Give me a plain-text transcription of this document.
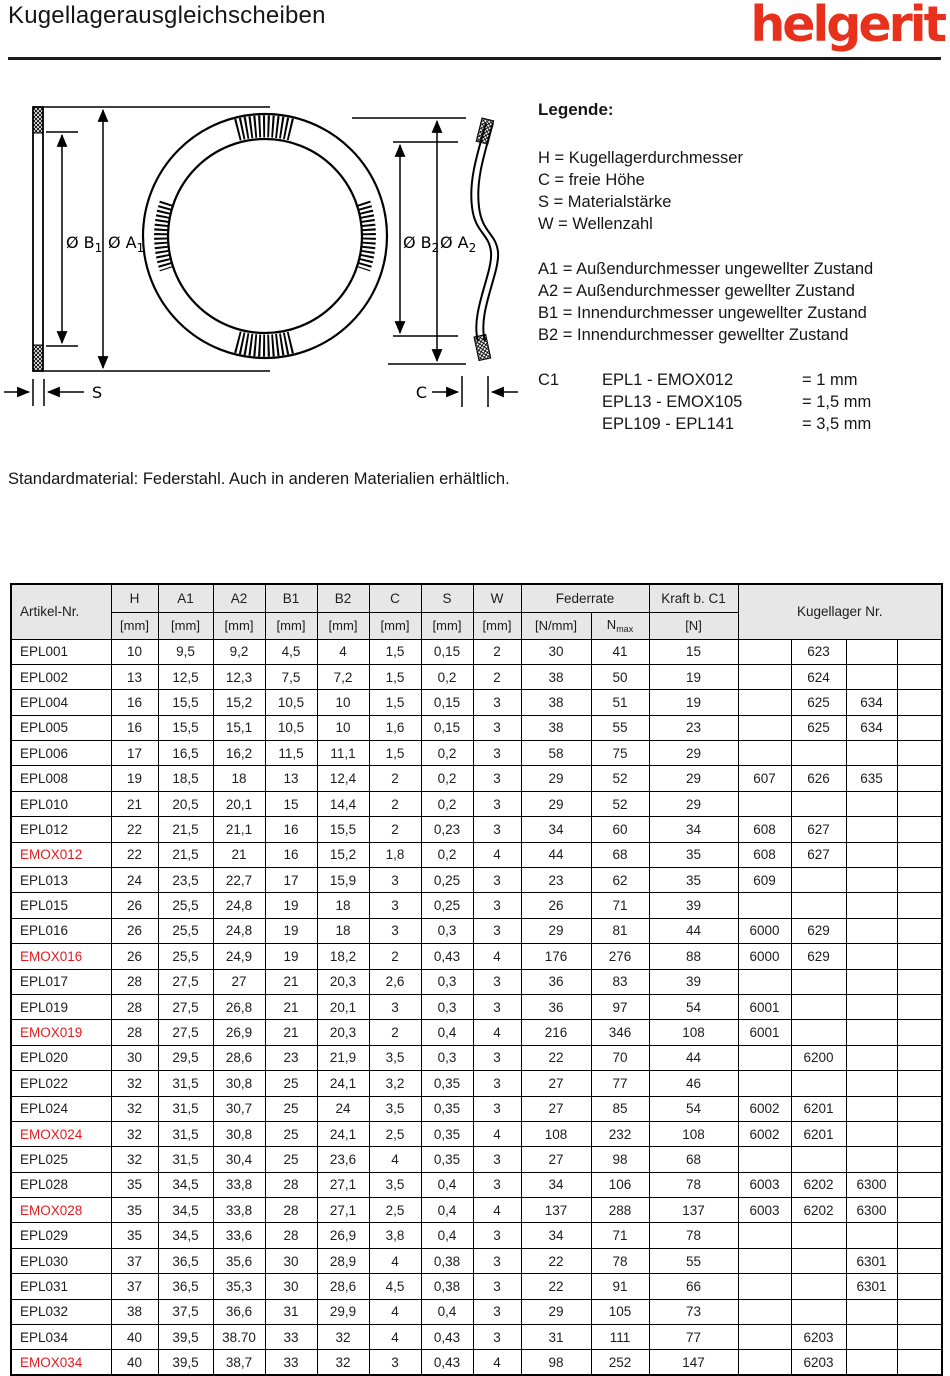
Kugellagerausgleichscheiben	helgerit
Ø $B_1$ Ø $A_1$	Ø $B_2$ Ø $A_2$
S	C
Legende:
H = Kugellagerdurchmesser
C = freie Höhe
S = Materialstärke
W = Wellenzahl
A1 = Außendurchmesser ungewellter Zustand
A2 = Außendurchmesser gewellter Zustand
B1 = Innendurchmesser ungewellter Zustand
B2 = Innendurchmesser gewellter Zustand
C1	EPL1 - EMOX012	= 1 mm
EPL13 - EMOX105	= 1,5 mm
EPL109 - EPL141	= 3,5 mm
Standardmaterial: Federstahl. Auch in anderen Materialien erhältlich.
Artikel-Nr.	H	A1	A2	B1	B2	C	S	W	Federrate		Kraft b. C1	Kugellager Nr.			
	[mm]	[mm]	[mm]	[mm]	[mm]	[mm]	[mm]	[mm]	[N/mm]	$N_{max}$	[N]				
EPL001	10	9,5	9,2	4,5	4	1,5	0,15	2	30	41	15		623		
EPL002	13	12,5	12,3	7,5	7,2	1,5	0,2	2	38	50	19		624		
EPL004	16	15,5	15,2	10,5	10	1,5	0,15	3	38	51	19		625	634	
EPL005	16	15,5	15,1	10,5	10	1,6	0,15	3	38	55	23		625	634	
EPL006	17	16,5	16,2	11,5	11,1	1,5	0,2	3	58	75	29				
EPL008	19	18,5	18	13	12,4	2	0,2	3	29	52	29	607	626	635	
EPL010	21	20,5	20,1	15	14,4	2	0,2	3	29	52	29				
EPL012	22	21,5	21,1	16	15,5	2	0,23	3	34	60	34	608	627		
EMOX012	22	21,5	21	16	15,2	1,8	0,2	4	44	68	35	608	627		
EPL013	24	23,5	22,7	17	15,9	3	0,25	3	23	62	35	609			
EPL015	26	25,5	24,8	19	18	3	0,25	3	26	71	39				
EPL016	26	25,5	24,8	19	18	3	0,3	3	29	81	44	6000	629		
EMOX016	26	25,5	24,9	19	18,2	2	0,43	4	176	276	88	6000	629		
EPL017	28	27,5	27	21	20,3	2,6	0,3	3	36	83	39				
EPL019	28	27,5	26,8	21	20,1	3	0,3	3	36	97	54	6001			
EMOX019	28	27,5	26,9	21	20,3	2	0,4	4	216	346	108	6001			
EPL020	30	29,5	28,6	23	21,9	3,5	0,3	3	22	70	44		6200		
EPL022	32	31,5	30,8	25	24,1	3,2	0,35	3	27	77	46				
EPL024	32	31,5	30,7	25	24	3,5	0,35	3	27	85	54	6002	6201		
EMOX024	32	31,5	30,8	25	24,1	2,5	0,35	4	108	232	108	6002	6201		
EPL025	32	31,5	30,4	25	23,6	4	0,35	3	27	98	68				
EPL028	35	34,5	33,8	28	27,1	3,5	0,4	3	34	106	78	6003	6202	6300	
EMOX028	35	34,5	33,8	28	27,1	2,5	0,4	4	137	288	137	6003	6202	6300	
EPL029	35	34,5	33,6	28	26,9	3,8	0,4	3	34	71	78				
EPL030	37	36,5	35,6	30	28,9	4	0,38	3	22	78	55			6301	
EPL031	37	36,5	35,3	30	28,6	4,5	0,38	3	22	91	66			6301	
EPL032	38	37,5	36,6	31	29,9	4	0,4	3	29	105	73				
EPL034	40	39,5	38.70	33	32	4	0,43	3	31	111	77		6203		
EMOX034	40	39,5	38,7	33	32	3	0,43	4	98	252	147		6203		
